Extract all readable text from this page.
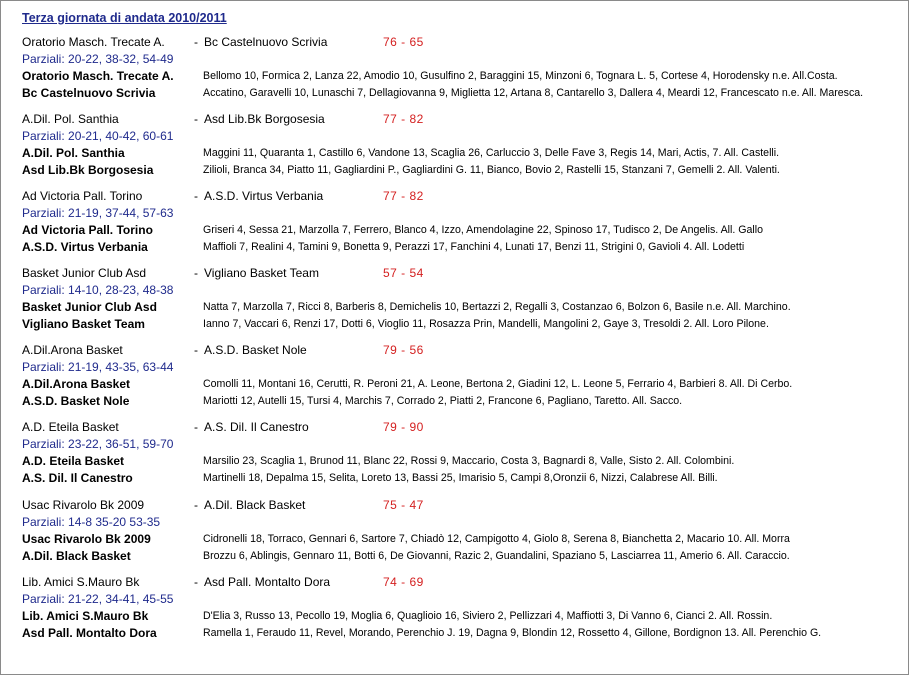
Terza giornata di andata 2010/2011
Oratorio Masch. Trecate A. - Bc Castelnuovo Scrivia	76 - 65
Parziali: 20-22, 38-32, 54-49
Oratorio Masch. Trecate A.	Bellomo 10, Formica 2, Lanza 22, Amodio 10, Gusulfino 2, Baraggini 15, Minzoni 6, Tognara L. 5, Cortese 4, Horodensky n.e. All.Costa.
Bc Castelnuovo Scrivia	Accatino, Garavelli 10, Lunaschi 7, Dellagiovanna 9, Miglietta 12, Artana 8, Cantarello 3, Dallera 4, Meardi 12, Francescato n.e. All. Maresca.
A.Dil. Pol. Santhia	- Asd Lib.Bk Borgosesia	77 - 82
Parziali: 20-21, 40-42, 60-61
A.Dil. Pol. Santhia	Maggini 11, Quaranta 1, Castillo 6, Vandone 13, Scaglia 26, Carluccio 3, Delle Fave 3, Regis 14, Mari, Actis, 7. All. Castelli.
Asd Lib.Bk Borgosesia	Zilioli, Branca 34, Piatto 11, Gagliardini P., Gagliardini G. 11, Bianco, Bovio 2, Rastelli 15, Stanzani 7, Gemelli 2. All. Valenti.
Ad Victoria Pall. Torino	- A.S.D. Virtus Verbania	77 - 82
Parziali: 21-19, 37-44, 57-63
Ad Victoria Pall. Torino	Griseri 4, Sessa 21, Marzolla 7, Ferrero, Blanco 4, Izzo, Amendolagine 22, Spinoso 17, Tudisco 2, De Angelis. All. Gallo
A.S.D. Virtus Verbania	Maffioli 7, Realini 4, Tamini 9, Bonetta 9, Perazzi 17, Fanchini 4, Lunati 17, Benzi 11, Strigini 0, Gavioli 4. All. Lodetti
Basket Junior Club Asd	- Vigliano Basket Team	57 - 54
Parziali: 14-10, 28-23, 48-38
Basket Junior Club Asd	Natta 7, Marzolla 7, Ricci 8, Barberis 8, Demichelis 10, Bertazzi 2, Regalli 3, Costanzao 6, Bolzon 6, Basile n.e. All. Marchino.
Vigliano Basket Team	Ianno 7, Vaccari 6, Renzi 17, Dotti 6, Vioglio 11, Rosazza Prin, Mandelli, Mangolini 2, Gaye 3, Tresoldi 2. All. Loro Pilone.
A.Dil.Arona Basket	- A.S.D. Basket Nole	79 - 56
Parziali: 21-19, 43-35, 63-44
A.Dil.Arona Basket	Comolli 11, Montani 16, Cerutti, R. Peroni 21, A. Leone, Bertona 2, Giadini 12, L. Leone 5, Ferrario 4, Barbieri 8. All. Di Cerbo.
A.S.D. Basket Nole	Mariotti 12, Autelli 15, Tursi 4, Marchis 7, Corrado 2, Piatti 2, Francone 6, Pagliano, Taretto. All. Sacco.
A.D. Eteila Basket	- A.S. Dil. Il Canestro	79 - 90
Parziali: 23-22, 36-51, 59-70
A.D. Eteila Basket	Marsilio 23, Scaglia 1, Brunod 11, Blanc 22, Rossi 9, Maccario, Costa 3, Bagnardi 8, Valle, Sisto 2. All. Colombini.
A.S. Dil. Il Canestro	Martinelli 18, Depalma 15, Selita, Loreto 13, Bassi 25, Imarisio 5, Campi 8,Oronzii 6, Nizzi, Calabrese All. Billi.
Usac Rivarolo Bk 2009	- A.Dil. Black Basket	75 - 47
Parziali: 14-8 35-20 53-35
Usac Rivarolo Bk 2009	Cidronelli 18, Torraco, Gennari 6, Sartore 7, Chiadò 12, Campigotto 4, Giolo 8, Serena 8, Bianchetta 2, Macario 10. All. Morra
A.Dil. Black Basket	Brozzu 6, Ablingis, Gennaro 11, Botti 6, De Giovanni, Razic 2, Guandalini, Spaziano 5, Lasciarrea 11, Amerio 6. All. Caraccio.
Lib. Amici S.Mauro Bk	- Asd Pall. Montalto Dora	74 - 69
Parziali: 21-22, 34-41, 45-55
Lib. Amici S.Mauro Bk	D'Elia 3, Russo 13, Pecollo 19, Moglia 6, Quaglioio 16, Siviero 2, Pellizzari 4, Maffiotti 3, Di Vanno 6, Cianci 2. All. Rossin.
Asd Pall. Montalto Dora	Ramella 1, Feraudo 11, Revel, Morando, Perenchio J. 19, Dagna 9, Blondin 12, Rossetto 4, Gillone, Bordignon 13. All. Perenchio G.
